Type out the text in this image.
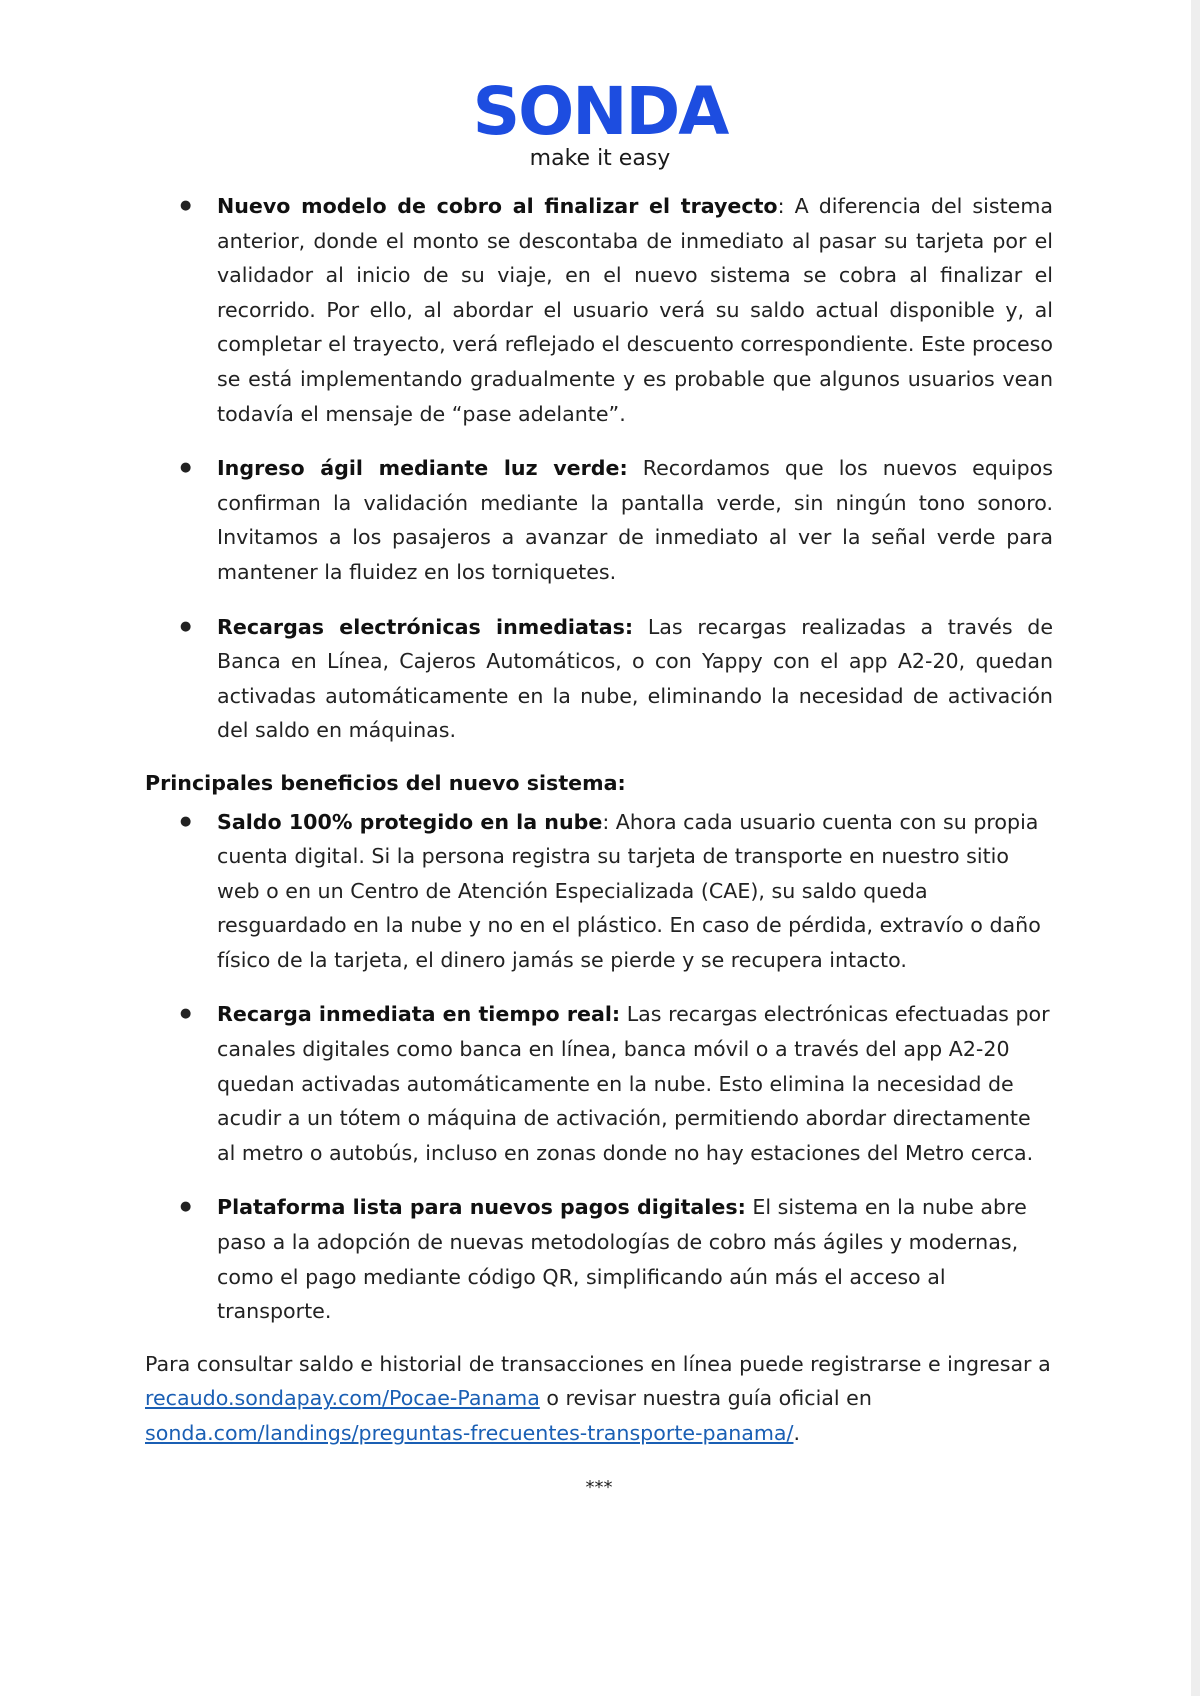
SONDA
make it easy
● Nuevo modelo de cobro al finalizar el trayecto: A diferencia del sistema anterior, donde el monto se descontaba de inmediato al pasar su tarjeta por el validador al inicio de su viaje, en el nuevo sistema se cobra al finalizar el recorrido. Por ello, al abordar el usuario verá su saldo actual disponible y, al completar el trayecto, verá reflejado el descuento correspondiente. Este proceso se está implementando gradualmente y es probable que algunos usuarios vean todavía el mensaje de “pase adelante”.
● Ingreso ágil mediante luz verde: Recordamos que los nuevos equipos confirman la validación mediante la pantalla verde, sin ningún tono sonoro. Invitamos a los pasajeros a avanzar de inmediato al ver la señal verde para mantener la fluidez en los torniquetes.
● Recargas electrónicas inmediatas: Las recargas realizadas a través de Banca en Línea, Cajeros Automáticos, o con Yappy con el app A2-20, quedan activadas automáticamente en la nube, eliminando la necesidad de activación del saldo en máquinas.
Principales beneficios del nuevo sistema:
● Saldo 100% protegido en la nube: Ahora cada usuario cuenta con su propia cuenta digital. Si la persona registra su tarjeta de transporte en nuestro sitio web o en un Centro de Atención Especializada (CAE), su saldo queda resguardado en la nube y no en el plástico. En caso de pérdida, extravío o daño físico de la tarjeta, el dinero jamás se pierde y se recupera intacto.
● Recarga inmediata en tiempo real: Las recargas electrónicas efectuadas por canales digitales como banca en línea, banca móvil o a través del app A2-20 quedan activadas automáticamente en la nube. Esto elimina la necesidad de acudir a un tótem o máquina de activación, permitiendo abordar directamente al metro o autobús, incluso en zonas donde no hay estaciones del Metro cerca.
● Plataforma lista para nuevos pagos digitales: El sistema en la nube abre paso a la adopción de nuevas metodologías de cobro más ágiles y modernas, como el pago mediante código QR, simplificando aún más el acceso al transporte.

Para consultar saldo e historial de transacciones en línea puede registrarse e ingresar a recaudo.sondapay.com/Pocae-Panama o revisar nuestra guía oficial en sonda.com/landings/preguntas-frecuentes-transporte-panama/.

***
